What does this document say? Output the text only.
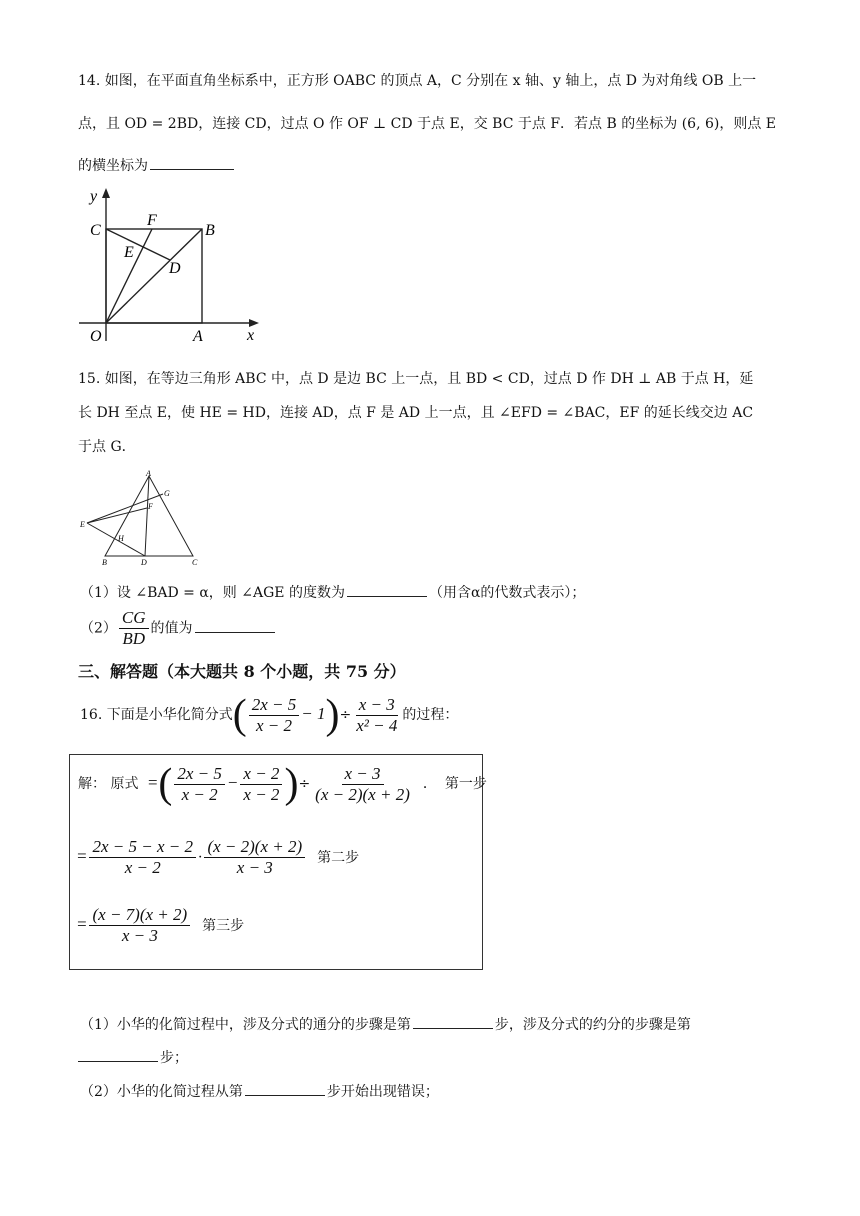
14. 如图，在平面直角坐标系中，正方形 OABC 的顶点 A，C 分别在 x 轴、y 轴上，点 D 为对角线 OB 上一
点，且 OD = 2BD，连接 CD，过点 O 作 OF ⊥ CD 于点 E，交 BC 于点 F．若点 B 的坐标为 (6, 6)，则点 E
的横坐标为
y
x
C
F
B
E
D
O	A
15. 如图，在等边三角形 ABC 中，点 D 是边 BC 上一点，且 BD < CD，过点 D 作 DH ⊥ AB 于点 H，延
长 DH 至点 E，使 HE = HD，连接 AD，点 F 是 AD 上一点，且 ∠EFD = ∠BAC，EF 的延长线交边 AC
于点 G．
A
G
F
E
H
B	D	C
（1）设 ∠BAD = α，则 ∠AGE 的度数为	（用含α的代数式表示）；
$(2) \frac{CG}{BD}$ 的值为
三、解答题（本大题共 8 个小题，共 75 分）
16. 下面是小华化简分式( $\frac{2x - 5}{x - 2} - 1)\div \frac{x - 3}{\text{x² − 4}}$ 的过程：
解： 原式 =( $\frac{2x - 5}{x - 2} - \frac{x - 2}{x - 2}$ )÷ $\frac{x - 3}{(x - 2)(x + 2)}$ ． 第一步
= $\frac{2x - 5 - x - 2}{x - 2} \cdot \frac{(x - 2)(x + 2)}{x - 3}$ 第二步
= $\frac{(x - 7)(x + 2)}{x - 3}$ 第三步
（1）小华的化简过程中，涉及分式的通分的步骤是第	步，涉及分式的约分的步骤是第
步；
（2）小华的化简过程从第	步开始出现错误；
